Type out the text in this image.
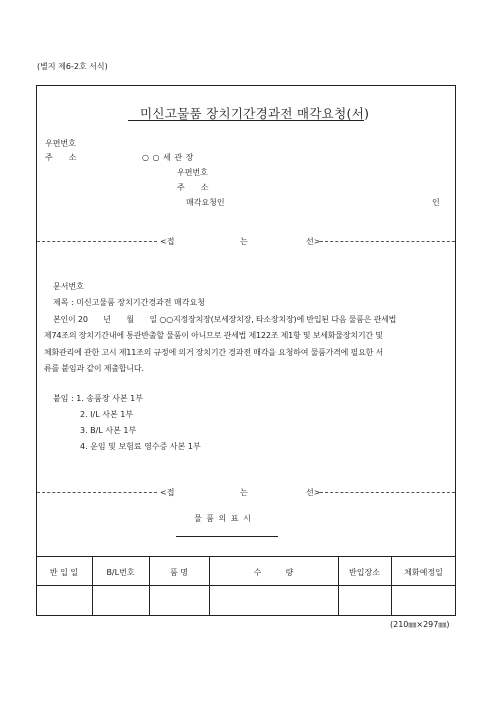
(별지 제6-2호 서식)
미신고물품 장치기간경과전 매각요청(서)
우편번호
주　　소	○ ○ 세 관 장
우편번호
주　　소
매각요청인	인
<접	는	선>
문서번호
제목 : 미신고물품 장치기간경과전 매각요청
본인이 20　　년　　월　　일 ○○지정장치장(보세장치장, 타소장치장)에 반입된 다음 물품은 관세법
제74조의 장치기간내에 통관반출할 물품이 아니므로 관세법 제122조 제1항 및 보세화물장치기간 및
체화관리에 관한 고시 제11조의 규정에 의거 장치기간 경과전 매각을 요청하여 물품가격에 필요한 서
류를 붙임과 같이 제출합니다.
붙임 : 1. 송품장 사본 1부
2. I/L 사본 1부
3. B/L 사본 1부
4. 운임 및 보험료 영수증 사본 1부
<접	는	선>
물 품 의 표 시
반 입 일	B/L번호	품 명	수　　　량	반입장소	체화예정일
(210㎜×297㎜)
